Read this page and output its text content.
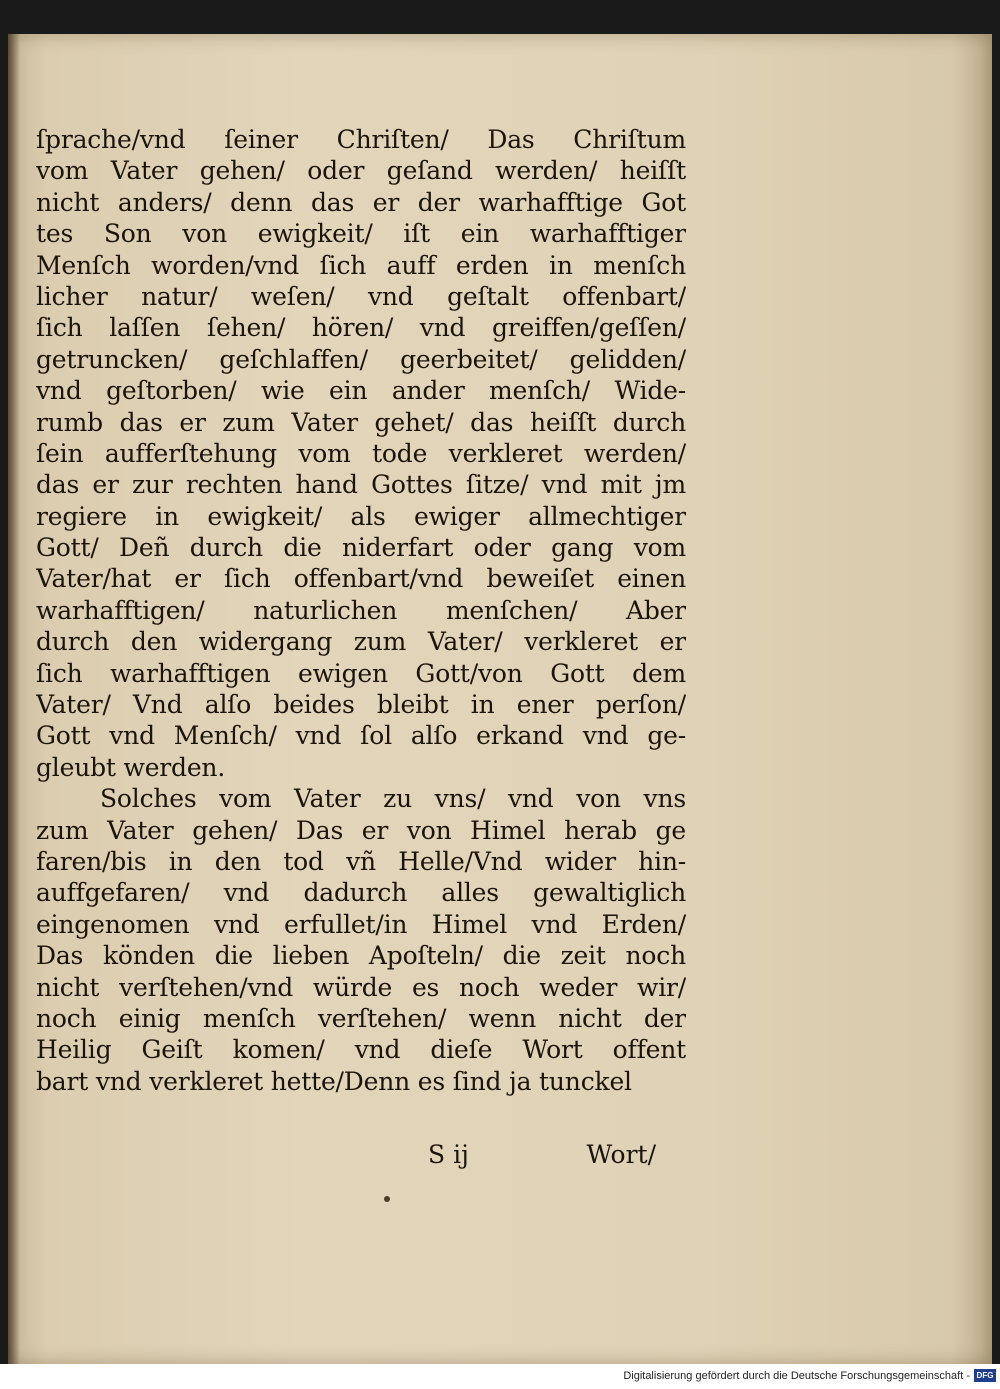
ſprache/vnd ſeiner Chriſten/ Das Chriſtum
vom Vater gehen/ oder geſand werden/ heiſſt
nicht anders/ denn das er der warhafftige Got
tes Son von ewigkeit/ iſt ein warhafftiger
Menſch worden/vnd ſich auff erden in menſch
licher natur/ weſen/ vnd geſtalt offenbart/
ſich laſſen ſehen/ hören/ vnd greiffen/geſſen/
getruncken/ geſchlaffen/ geerbeitet/ gelidden/
vnd geſtorben/ wie ein ander menſch/ Wide-
rumb das er zum Vater gehet/ das heiſſt durch
ſein aufferſtehung vom tode verkleret werden/
das er zur rechten hand Gottes ſitze/ vnd mit jm
regiere in ewigkeit/ als ewiger allmechtiger
Gott/ Deñ durch die niderfart oder gang vom
Vater/hat er ſich offenbart/vnd beweiſet einen
warhafftigen/ naturlichen menſchen/ Aber
durch den widergang zum Vater/ verkleret er
ſich warhafftigen ewigen Gott/von Gott dem
Vater/ Vnd alſo beides bleibt in ener perſon/
Gott vnd Menſch/ vnd ſol alſo erkand vnd ge-
gleubt werden.
Solches vom Vater zu vns/ vnd von vns
zum Vater gehen/ Das er von Himel herab ge
faren/bis in den tod vñ Helle/Vnd wider hin-
auffgefaren/ vnd dadurch alles gewaltiglich
eingenomen vnd erfullet/in Himel vnd Erden/
Das könden die lieben Apoſteln/ die zeit noch
nicht verſtehen/vnd würde es noch weder wir/
noch einig menſch verſtehen/ wenn nicht der
Heilig Geiſt komen/ vnd dieſe Wort offent
bart vnd verkleret hette/Denn es ſind ja tunckel
S ij	Wort/
Digitalisierung gefördert durch die Deutsche Forschungsgemeinschaft - DFG
